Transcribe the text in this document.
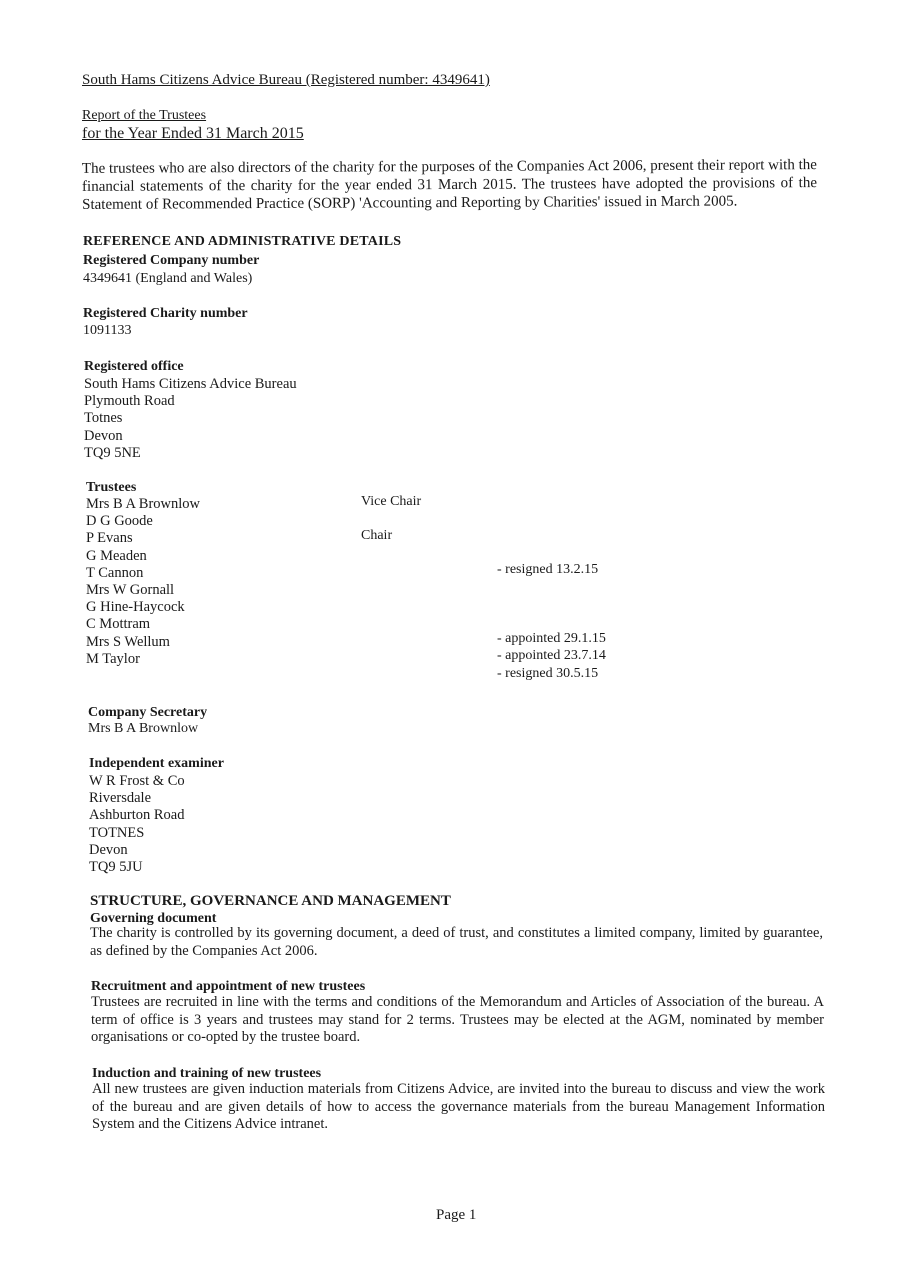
South Hams Citizens Advice Bureau (Registered number: 4349641)
Report of the Trustees
for the Year Ended 31 March 2015
The trustees who are also directors of the charity for the purposes of the Companies Act 2006, present their report with the financial statements of the charity for the year ended 31 March 2015. The trustees have adopted the provisions of the Statement of Recommended Practice (SORP) 'Accounting and Reporting by Charities' issued in March 2005.
REFERENCE AND ADMINISTRATIVE DETAILS
Registered Company number
4349641 (England and Wales)
Registered Charity number
1091133
Registered office
South Hams Citizens Advice Bureau
Plymouth Road
Totnes
Devon
TQ9 5NE
Trustees
Mrs B A Brownlow
D G Goode
P Evans
G Meaden
T Cannon
Mrs W Gornall
G Hine-Haycock
C Mottram
Mrs S Wellum
M Taylor
Vice Chair
Chair
- resigned 13.2.15
- appointed 29.1.15
- appointed 23.7.14
- resigned 30.5.15
Company Secretary
Mrs B A Brownlow
Independent examiner
W R Frost & Co
Riversdale
Ashburton Road
TOTNES
Devon
TQ9 5JU
STRUCTURE, GOVERNANCE AND MANAGEMENT
Governing document
The charity is controlled by its governing document, a deed of trust, and constitutes a limited company, limited by guarantee, as defined by the Companies Act 2006.
Recruitment and appointment of new trustees
Trustees are recruited in line with the terms and conditions of the Memorandum and Articles of Association of the bureau. A term of office is 3 years and trustees may stand for 2 terms. Trustees may be elected at the AGM, nominated by member organisations or co-opted by the trustee board.
Induction and training of new trustees
All new trustees are given induction materials from Citizens Advice, are invited into the bureau to discuss and view the work of the bureau and are given details of how to access the governance materials from the bureau Management Information System and the Citizens Advice intranet.
Page 1
